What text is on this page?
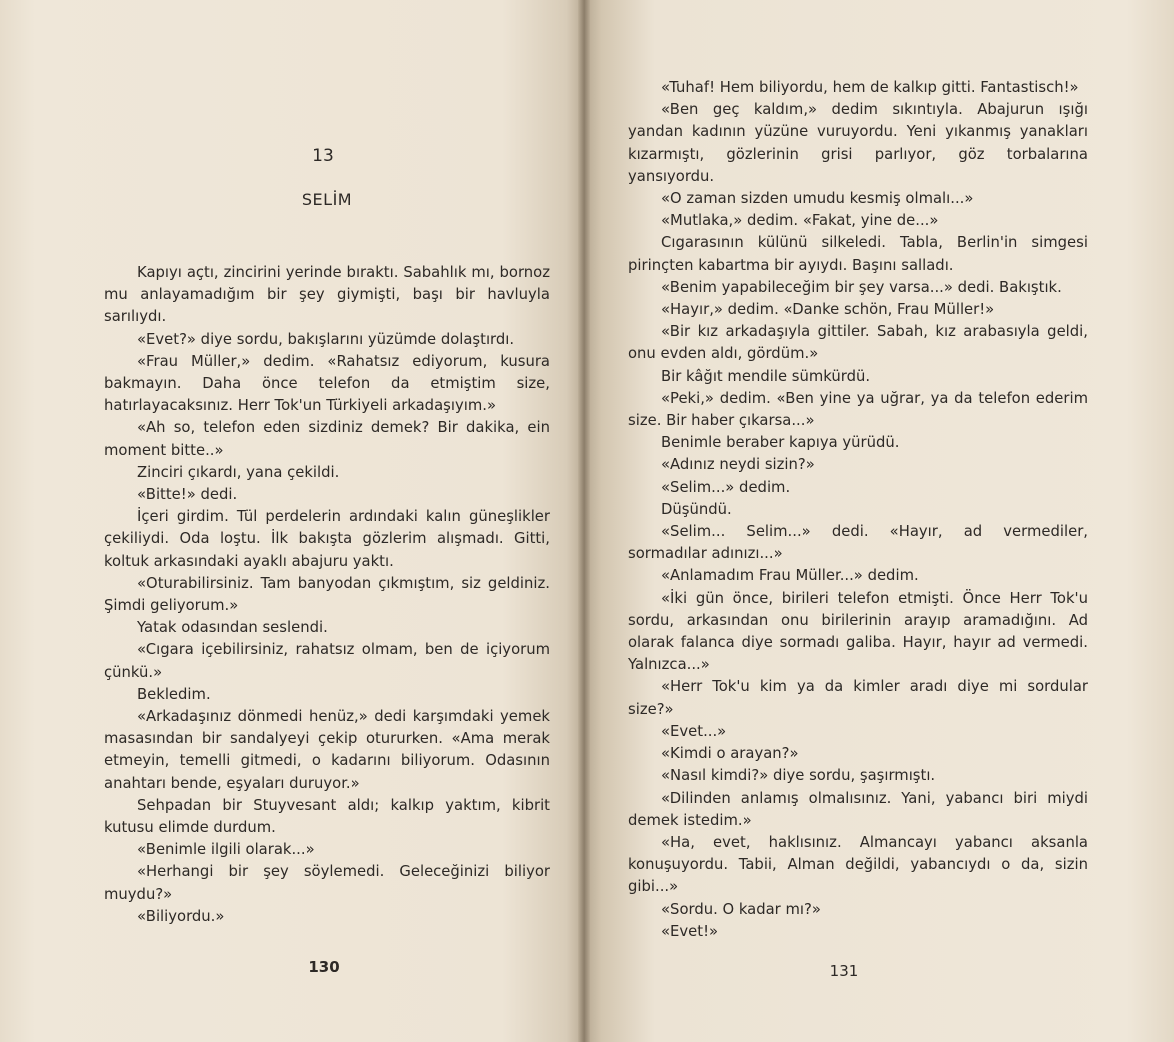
13
SELİM

Kapıyı açtı, zincirini yerinde bıraktı. Sabahlık mı, bornoz mu anlayamadığım bir şey giymişti, başı bir havluyla sarılıydı.

«Evet?» diye sordu, bakışlarını yüzümde dolaştırdı.

«Frau Müller,» dedim. «Rahatsız ediyorum, kusura bakmayın. Daha önce telefon da etmiştim size, hatırlayacaksınız. Herr Tok'un Türkiyeli arkadaşıyım.»

«Ah so, telefon eden sizdiniz demek? Bir dakika, ein moment bitte..»

Zinciri çıkardı, yana çekildi.

«Bitte!» dedi.

İçeri girdim. Tül perdelerin ardındaki kalın güneşlikler çekiliydi. Oda loştu. İlk bakışta gözlerim alışmadı. Gitti, koltuk arkasındaki ayaklı abajuru yaktı.

«Oturabilirsiniz. Tam banyodan çıkmıştım, siz geldiniz. Şimdi geliyorum.»

Yatak odasından seslendi.

«Cıgara içebilirsiniz, rahatsız olmam, ben de içiyorum çünkü.»

Bekledim.

«Arkadaşınız dönmedi henüz,» dedi karşımdaki yemek masasından bir sandalyeyi çekip otururken. «Ama merak etmeyin, temelli gitmedi, o kadarını biliyorum. Odasının anahtarı bende, eşyaları duruyor.»

Sehpadan bir Stuyvesant aldı; kalkıp yaktım, kibrit kutusu elimde durdum.

«Benimle ilgili olarak...»

«Herhangi bir şey söylemedi. Geleceğinizi biliyor muydu?»

«Biliyordu.»

130

«Tuhaf! Hem biliyordu, hem de kalkıp gitti. Fantastisch!»

«Ben geç kaldım,» dedim sıkıntıyla. Abajurun ışığı yandan kadının yüzüne vuruyordu. Yeni yıkanmış yanakları kızarmıştı, gözlerinin grisi parlıyor, göz torbalarına yansıyordu.

«O zaman sizden umudu kesmiş olmalı...»

«Mutlaka,» dedim. «Fakat, yine de...»

Cıgarasının külünü silkeledi. Tabla, Berlin'in simgesi pirinçten kabartma bir ayıydı. Başını salladı.

«Benim yapabileceğim bir şey varsa...» dedi. Bakıştık.

«Hayır,» dedim. «Danke schön, Frau Müller!»

«Bir kız arkadaşıyla gittiler. Sabah, kız arabasıyla geldi, onu evden aldı, gördüm.»

Bir kâğıt mendile sümkürdü.

«Peki,» dedim. «Ben yine ya uğrar, ya da telefon ederim size. Bir haber çıkarsa...»

Benimle beraber kapıya yürüdü.

«Adınız neydi sizin?»

«Selim...» dedim.

Düşündü.

«Selim... Selim...» dedi. «Hayır, ad vermediler, sormadılar adınızı...»

«Anlamadım Frau Müller...» dedim.

«İki gün önce, birileri telefon etmişti. Önce Herr Tok'u sordu, arkasından onu birilerinin arayıp aramadığını. Ad olarak falanca diye sormadı galiba. Hayır, hayır ad vermedi. Yalnızca...»

«Herr Tok'u kim ya da kimler aradı diye mi sordular size?»

«Evet...»

«Kimdi o arayan?»

«Nasıl kimdi?» diye sordu, şaşırmıştı.

«Dilinden anlamış olmalısınız. Yani, yabancı biri miydi demek istedim.»

«Ha, evet, haklısınız. Almancayı yabancı aksanla konuşuyordu. Tabii, Alman değildi, yabancıydı o da, sizin gibi...»

«Sordu. O kadar mı?»

«Evet!»

131
